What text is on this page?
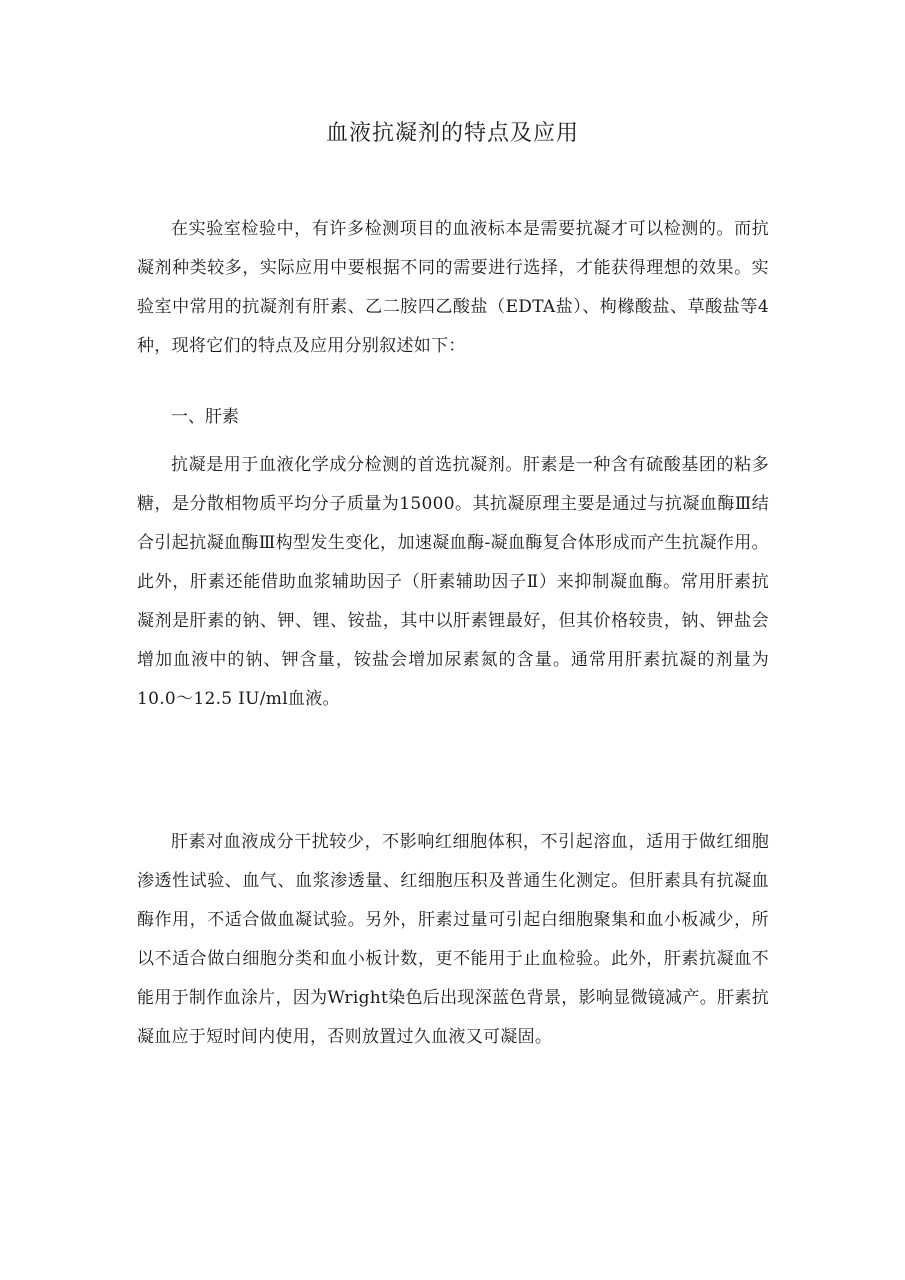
血液抗凝剂的特点及应用

在实验室检验中，有许多检测项目的血液标本是需要抗凝才可以检测的。而抗凝剂种类较多，实际应用中要根据不同的需要进行选择，才能获得理想的效果。实验室中常用的抗凝剂有肝素、乙二胺四乙酸盐（EDTA盐）、枸橼酸盐、草酸盐等4种，现将它们的特点及应用分别叙述如下：

一、肝素

抗凝是用于血液化学成分检测的首选抗凝剂。肝素是一种含有硫酸基团的粘多糖，是分散相物质平均分子质量为15000。其抗凝原理主要是通过与抗凝血酶Ⅲ结合引起抗凝血酶Ⅲ构型发生变化，加速凝血酶-凝血酶复合体形成而产生抗凝作用。此外，肝素还能借助血浆辅助因子（肝素辅助因子Ⅱ）来抑制凝血酶。常用肝素抗凝剂是肝素的钠、钾、锂、铵盐，其中以肝素锂最好，但其价格较贵，钠、钾盐会增加血液中的钠、钾含量，铵盐会增加尿素氮的含量。通常用肝素抗凝的剂量为10.0～12.5 IU/ml血液。

肝素对血液成分干扰较少，不影响红细胞体积，不引起溶血，适用于做红细胞渗透性试验、血气、血浆渗透量、红细胞压积及普通生化测定。但肝素具有抗凝血酶作用，不适合做血凝试验。另外，肝素过量可引起白细胞聚集和血小板减少，所以不适合做白细胞分类和血小板计数，更不能用于止血检验。此外，肝素抗凝血不能用于制作血涂片，因为Wright染色后出现深蓝色背景，影响显微镜减产。肝素抗凝血应于短时间内使用，否则放置过久血液又可凝固。
